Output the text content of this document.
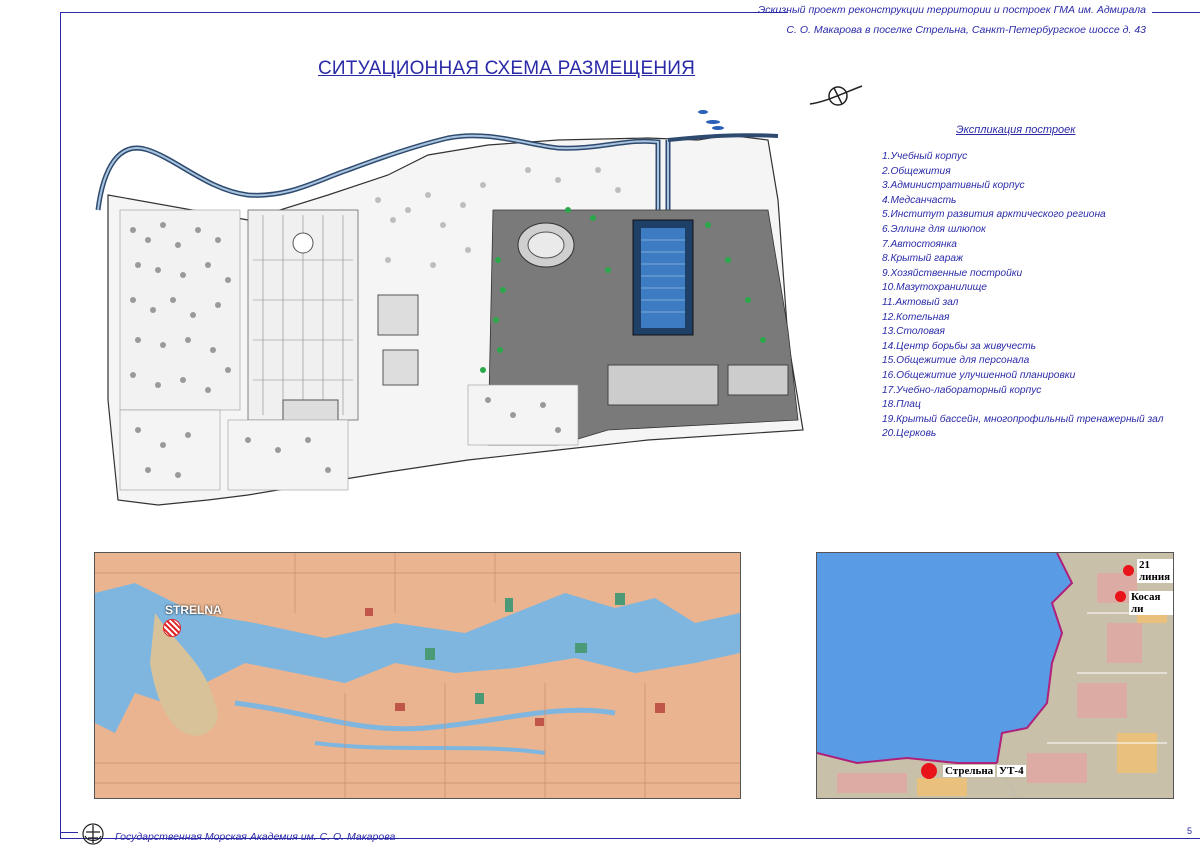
Эскизный проект реконструкции территории и построек ГМА им. Адмирала
С. О. Макарова в поселке Стрельна, Санкт-Петербургское шоссе д. 43
СИТУАЦИОННАЯ СХЕМА РАЗМЕЩЕНИЯ
Экспликация построек
1.Учебный корпус
2.Общежития
3.Административный корпус
4.Медсанчасть
5.Институт развития арктического региона
6.Эллинг для шлюпок
7.Автостоянка
8.Крытый гараж
9.Хозяйственные постройки
10.Мазутохранилище
11.Актовый зал
12.Котельная
13.Столовая
14.Центр борьбы за живучесть
15.Общежитие для персонала
16.Общежитие улучшенной планировки
17.Учебно-лабораторный корпус
18.Плац
19.Крытый бассейн, многопрофильный тренажерный зал
20.Церковь
STRELNA
21 линия
Косая ли
Стрельна УТ-4
Государственная Морская Академия им. С. О. Макарова	5
